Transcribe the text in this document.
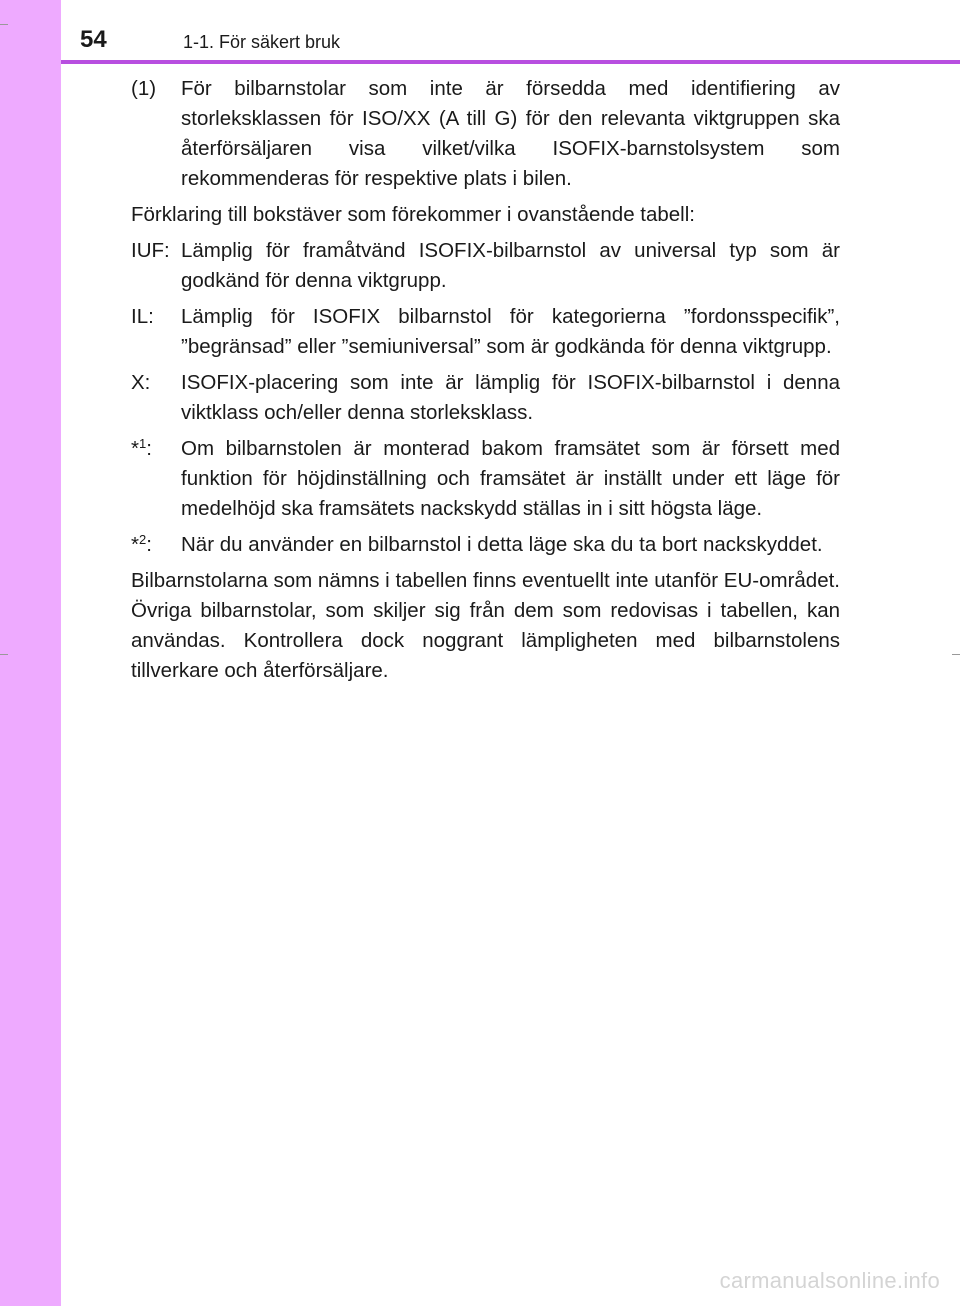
54	1-1. För säkert bruk
(1)	För bilbarnstolar som inte är försedda med identifiering av storleksklassen för ISO/XX (A till G) för den relevanta viktgruppen ska återförsäljaren visa vilket/vilka ISOFIX-barnstolsystem som rekommenderas för respektive plats i bilen.

Förklaring till bokstäver som förekommer i ovanstående tabell:

IUF: Lämplig för framåtvänd ISOFIX-bilbarnstol av universal typ som är godkänd för denna viktgrupp.
IL:	Lämplig för ISOFIX bilbarnstol för kategorierna ”fordonsspecifik”, ”begränsad” eller ”semiuniversal” som är godkända för denna viktgrupp.
X:	ISOFIX-placering som inte är lämplig för ISOFIX-bilbarnstol i denna viktklass och/eller denna storleksklass.
*$^1$:	Om bilbarnstolen är monterad bakom framsätet som är försett med funktion för höjdinställning och framsätet är inställt under ett läge för medelhöjd ska framsätets nackskydd ställas in i sitt högsta läge.
*$^2$:	När du använder en bilbarnstol i detta läge ska du ta bort nackskyddet.

Bilbarnstolarna som nämns i tabellen finns eventuellt inte utanför EU-området. Övriga bilbarnstolar, som skiljer sig från dem som redovisas i tabellen, kan användas. Kontrollera dock noggrant lämpligheten med bilbarnstolens tillverkare och återförsäljare.

carmanualsonline.info
